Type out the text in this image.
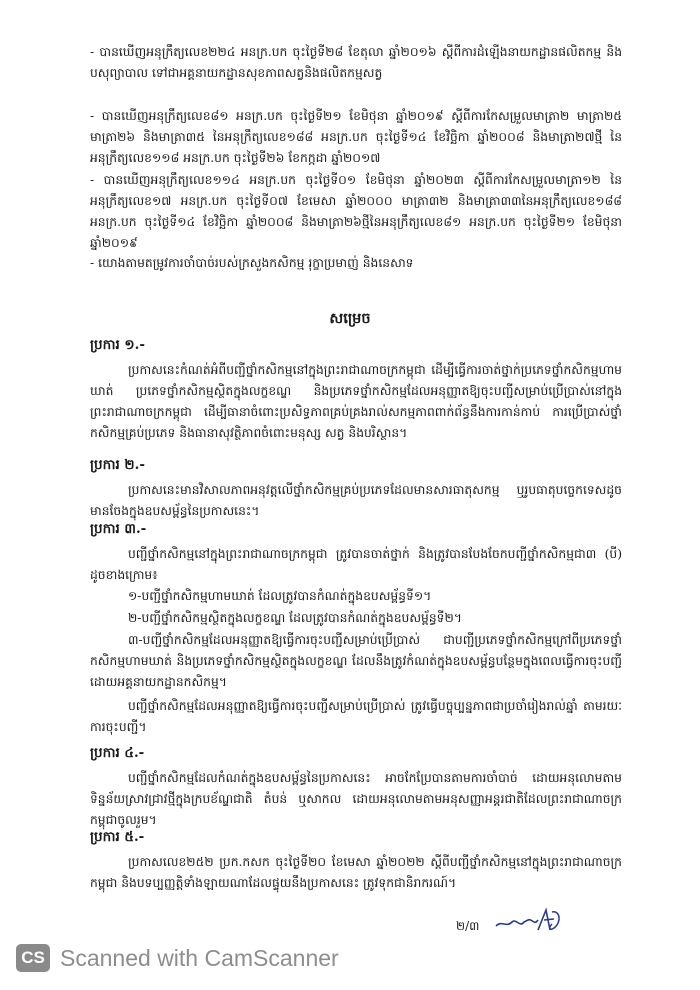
- បានឃើញអនុក្រឹត្យលេខ២២៤ អនក្រ.បក ចុះថ្ងៃទី២៨ ខែតុលា ឆ្នាំ២០១៦ ស្តីពីការដំឡើងនាយកដ្ឋានផលិតកម្ម និងបសុព្យាបាល ទៅជាអគ្គនាយកដ្ឋានសុខភាពសត្វនិងផលិតកម្មសត្វ
- បានឃើញអនុក្រឹត្យលេខ៨១ អនក្រ.បក ចុះថ្ងៃទី២១ ខែមិថុនា ឆ្នាំ២០១៩ ស្តីពីការកែសម្រួលមាត្រា២ មាត្រា២៥ មាត្រា២៦ និងមាត្រា៣៥ នៃអនុក្រឹត្យលេខ១៨៨ អនក្រ.បក ចុះថ្ងៃទី១៤ ខែវិច្ឆិកា ឆ្នាំ២០០៨ និងមាត្រា២៧ថ្មី នៃអនុក្រឹត្យលេខ១១៨ អនក្រ.បក ចុះថ្ងៃទី២៦ ខែកក្កដា ឆ្នាំ២០១៧
- បានឃើញអនុក្រឹត្យលេខ១១៤ អនក្រ.បក ចុះថ្ងៃទី០១ ខែមិថុនា ឆ្នាំ២០២៣ ស្តីពីការកែសម្រួលមាត្រា១២ នៃអនុក្រឹត្យលេខ១៧ អនក្រ.បក ចុះថ្ងៃទី០៧ ខែមេសា ឆ្នាំ២០០០ មាត្រា៣២ និងមាត្រា៣៣នៃអនុក្រឹត្យលេខ១៨៨ អនក្រ.បក ចុះថ្ងៃទី១៤ ខែវិច្ឆិកា ឆ្នាំ២០០៨ និងមាត្រា២៦ថ្មីនៃអនុក្រឹត្យលេខ៨១ អនក្រ.បក ចុះថ្ងៃទី២១ ខែមិថុនា ឆ្នាំ២០១៩
- យោងតាមតម្រូវការចាំបាច់របស់ក្រសួងកសិកម្ម រុក្ខាប្រមាញ់ និងនេសាទ
សម្រេច
ប្រការ ១.-
ប្រកាសនេះកំណត់អំពីបញ្ជីថ្នាំកសិកម្មនៅក្នុងព្រះរាជាណាចក្រកម្ពុជា ដើម្បីធ្វើការចាត់ថ្នាក់ប្រភេទថ្នាំកសិកម្មហាមឃាត់ ប្រភេទថ្នាំកសិកម្មស្ថិតក្នុងលក្ខខណ្ឌ និងប្រភេទថ្នាំកសិកម្មដែលអនុញ្ញាតឱ្យចុះបញ្ជីសម្រាប់ប្រើប្រាស់នៅក្នុងព្រះរាជាណាចក្រកម្ពុជា ដើម្បីធានាចំពោះប្រសិទ្ធភាពគ្រប់គ្រងរាល់សកម្មភាពពាក់ព័ន្ធនឹងការកាន់កាប់ ការប្រើប្រាស់ថ្នាំកសិកម្មគ្រប់ប្រភេទ និងធានាសុវត្ថិភាពចំពោះមនុស្ស សត្វ និងបរិស្ថាន។
ប្រការ ២.-
ប្រកាសនេះមានវិសាលភាពអនុវត្តលើថ្នាំកសិកម្មគ្រប់ប្រភេទដែលមានសារធាតុសកម្ម ឬរូបធាតុបច្ចេកទេសដូចមានចែងក្នុងឧបសម្ព័ន្ធនៃប្រកាសនេះ។
ប្រការ ៣.-
បញ្ជីថ្នាំកសិកម្មនៅក្នុងព្រះរាជាណាចក្រកម្ពុជា ត្រូវបានចាត់ថ្នាក់ និងត្រូវបានបែងចែកបញ្ជីថ្នាំកសិកម្មជា៣ (បី) ដូចខាងក្រោម៖
១-បញ្ជីថ្នាំកសិកម្មហាមឃាត់ ដែលត្រូវបានកំណត់ក្នុងឧបសម្ព័ន្ធទី១។
២-បញ្ជីថ្នាំកសិកម្មស្ថិតក្នុងលក្ខខណ្ឌ ដែលត្រូវបានកំណត់ក្នុងឧបសម្ព័ន្ធទី២។
៣-បញ្ជីថ្នាំកសិកម្មដែលអនុញ្ញាតឱ្យធ្វើការចុះបញ្ជីសម្រាប់ប្រើប្រាស់ ជាបញ្ជីប្រភេទថ្នាំកសិកម្មក្រៅពីប្រភេទថ្នាំកសិកម្មហាមឃាត់ និងប្រភេទថ្នាំកសិកម្មស្ថិតក្នុងលក្ខខណ្ឌ ដែលនឹងត្រូវកំណត់ក្នុងឧបសម្ព័ន្ធបន្ថែមក្នុងពេលធ្វើការចុះបញ្ជីដោយអគ្គនាយកដ្ឋានកសិកម្ម។
បញ្ជីថ្នាំកសិកម្មដែលអនុញ្ញាតឱ្យធ្វើការចុះបញ្ជីសម្រាប់ប្រើប្រាស់ ត្រូវធ្វើបច្ចុប្បន្នភាពជាប្រចាំរៀងរាល់ឆ្នាំ តាមរយៈការចុះបញ្ជី។
ប្រការ ៤.-
បញ្ជីថ្នាំកសិកម្មដែលកំណត់ក្នុងឧបសម្ព័ន្ធនៃប្រកាសនេះ អាចកែប្រែបានតាមការចាំបាច់ ដោយអនុលោមតាមទិន្នន័យស្រាវជ្រាវថ្មីក្នុងក្របខ័ណ្ឌជាតិ តំបន់ ឬសាកល ដោយអនុលោមតាមអនុសញ្ញាអន្តរជាតិដែលព្រះរាជាណាចក្រកម្ពុជាចូលរួម។
ប្រការ ៥.-
ប្រកាសលេខ២៥២ ប្រក.កសក ចុះថ្ងៃទី២០ ខែមេសា ឆ្នាំ២០២២ ស្តីពីបញ្ជីថ្នាំកសិកម្មនៅក្នុងព្រះរាជាណាចក្រកម្ពុជា និងបទប្បញ្ញត្តិទាំងឡាយណាដែលផ្ទុយនឹងប្រកាសនេះ ត្រូវទុកជានិរាករណ៍។
២/៣
CS Scanned with CamScanner
